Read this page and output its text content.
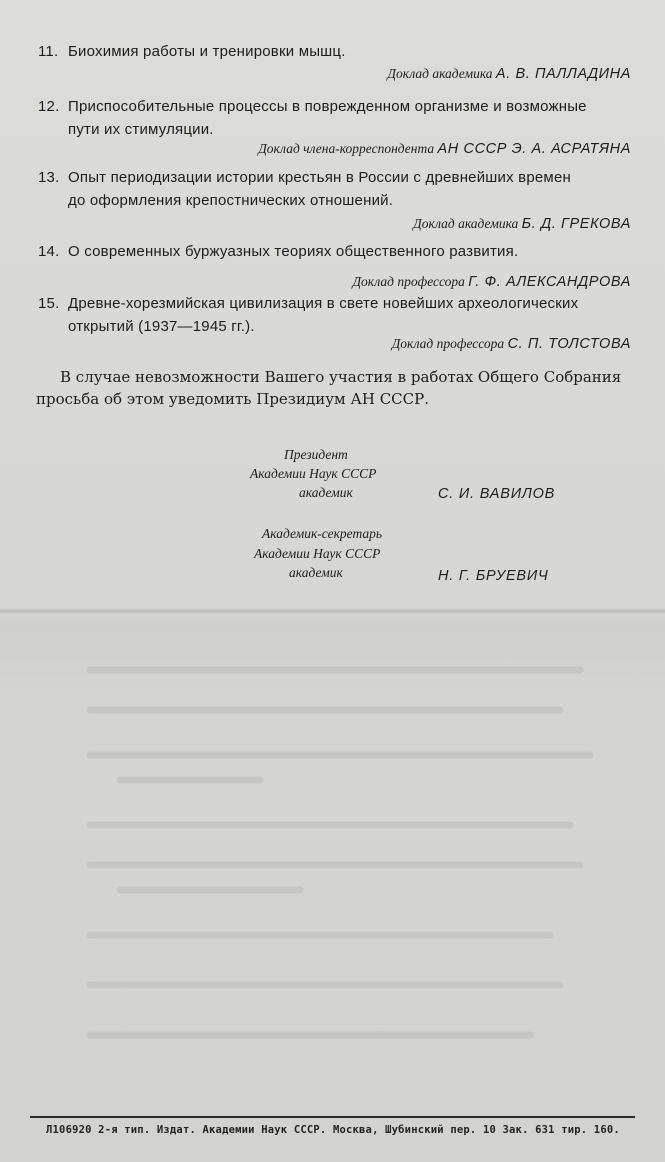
11. Биохимия работы и тренировки мышц.
Доклад академика А. В. ПАЛЛАДИНА
12. Приспособительные процессы в поврежденном организме и возможные
пути их стимуляции.
Доклад члена-корреспондента АН СССР Э. А. АСРАТЯНА
13. Опыт периодизации истории крестьян в России с древнейших времен
до оформления крепостнических отношений.
Доклад академика Б. Д. ГРЕКОВА
14. О современных буржуазных теориях общественного развития.
Доклад профессора Г. Ф. АЛЕКСАНДРОВА
15. Древне-хорезмийская цивилизация в свете новейших археологических
открытий (1937—1945 гг.).
Доклад профессора С. П. ТОЛСТОВА
В случае невозможности Вашего участия в работах Общего Собрания
просьба об этом уведомить Президиум АН СССР.
Президент
Академии Наук СССР
академик	С. И. ВАВИЛОВ
Академик-секретарь
Академии Наук СССР
академик	Н. Г. БРУЕВИЧ
Л106920 2-я тип. Издат. Академии Наук СССР. Москва, Шубинский пер. 10 Зак. 631 тир. 160.
